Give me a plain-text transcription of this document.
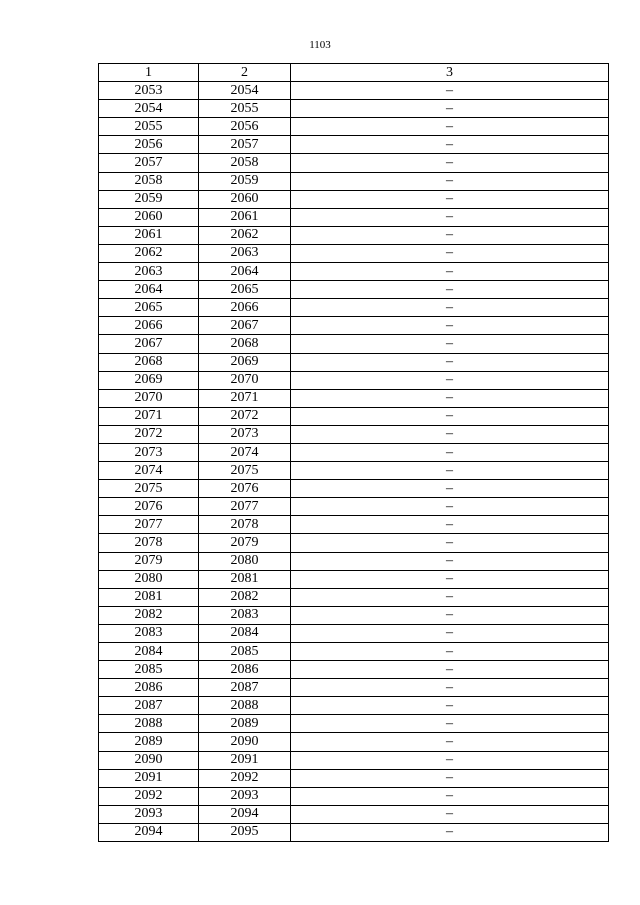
1103
1	2	3
2053	2054	–
2054	2055	–
2055	2056	–
2056	2057	–
2057	2058	–
2058	2059	–
2059	2060	–
2060	2061	–
2061	2062	–
2062	2063	–
2063	2064	–
2064	2065	–
2065	2066	–
2066	2067	–
2067	2068	–
2068	2069	–
2069	2070	–
2070	2071	–
2071	2072	–
2072	2073	–
2073	2074	–
2074	2075	–
2075	2076	–
2076	2077	–
2077	2078	–
2078	2079	–
2079	2080	–
2080	2081	–
2081	2082	–
2082	2083	–
2083	2084	–
2084	2085	–
2085	2086	–
2086	2087	–
2087	2088	–
2088	2089	–
2089	2090	–
2090	2091	–
2091	2092	–
2092	2093	–
2093	2094	–
2094	2095	–
